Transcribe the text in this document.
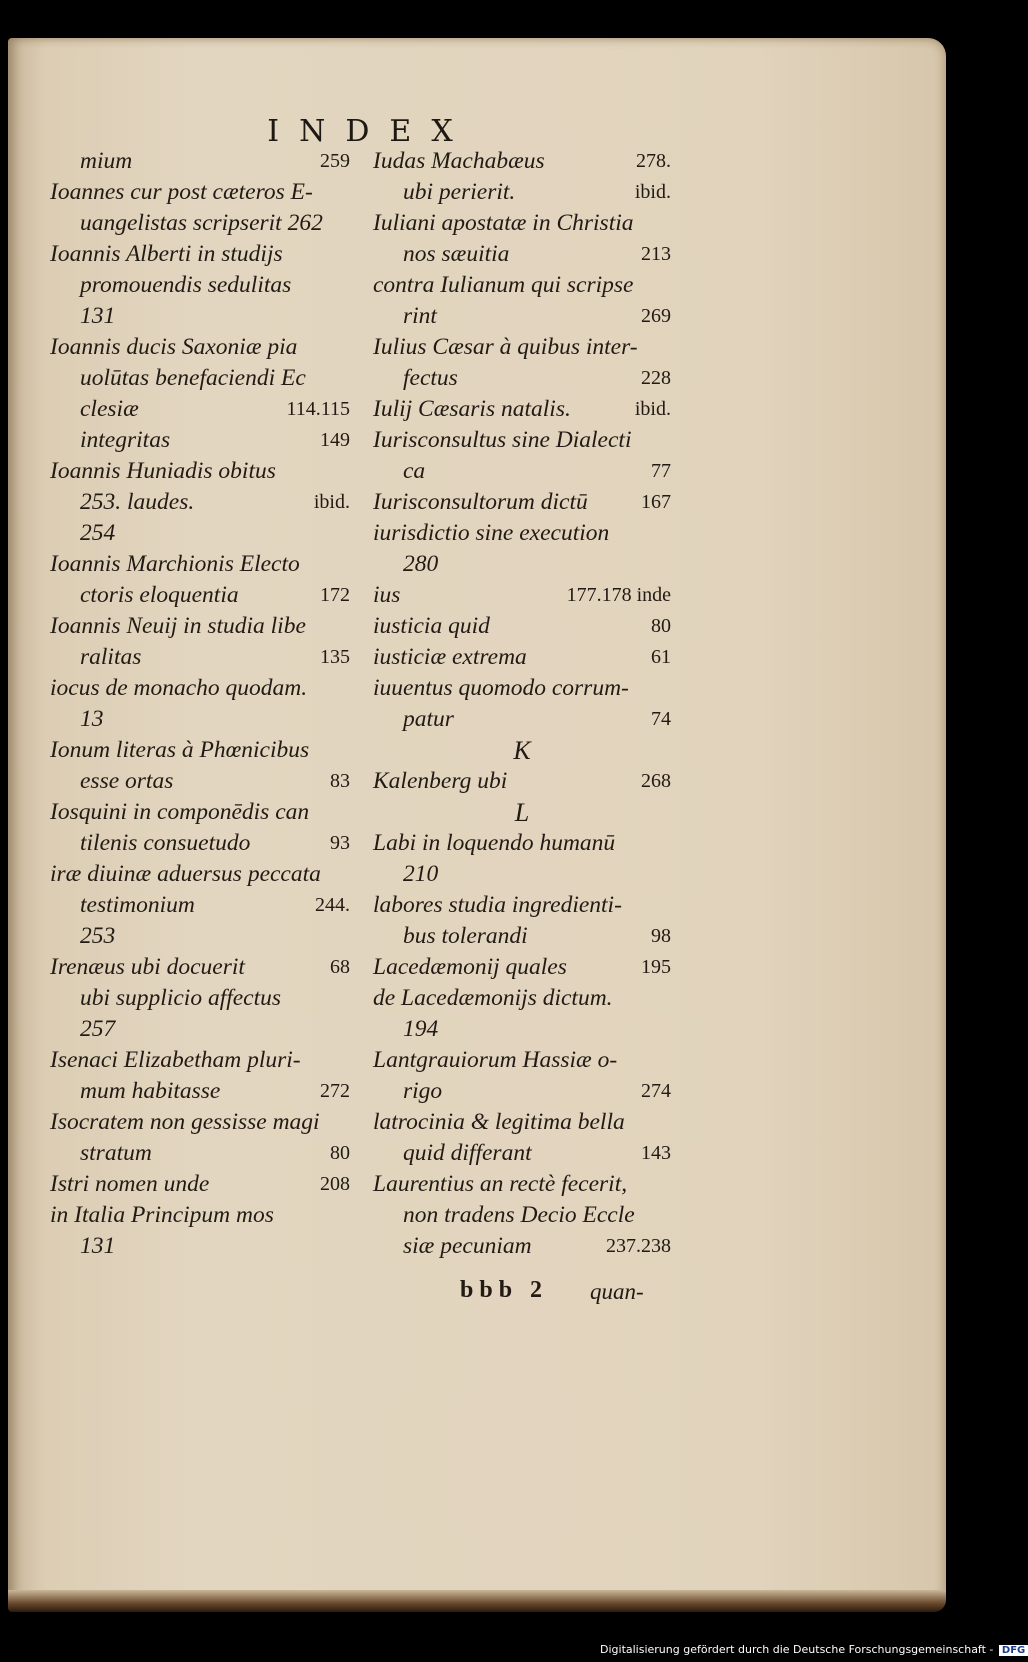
INDEX
mium	259
Ioannes cur post cæteros E-
uangelistas scripserit 262
Ioannis Alberti in studijs
promouendis sedulitas
131
Ioannis ducis Saxoniæ pia
uolūtas benefaciendi Ec
clesiæ	114.115
integritas	149
Ioannis Huniadis obitus
253. laudes.	ibid.
254
Ioannis Marchionis Electo
ctoris eloquentia	172
Ioannis Neuij in studia libe
ralitas	135
iocus de monacho quodam.
13
Ionum literas à Phœnicibus
esse ortas	83
Iosquini in componēdis can
tilenis consuetudo	93
iræ diuinæ aduersus peccata
testimonium	244.
253
Irenæus ubi docuerit	68
ubi supplicio affectus
257
Isenaci Elizabetham pluri-
mum habitasse	272
Isocratem non gessisse magi
stratum	80
Istri nomen unde	208
in Italia Principum mos
131
Iudas Machabæus	278.
ubi perierit.	ibid.
Iuliani apostatæ in Christia
nos sæuitia	213
contra Iulianum qui scripse
rint	269
Iulius Cæsar à quibus inter-
fectus	228
Iulij Cæsaris natalis.	ibid.
Iurisconsultus sine Dialecti
ca	77
Iurisconsultorum dictū	167
iurisdictio sine execution
280
ius	177.178 inde
iusticia quid	80
iusticiæ extrema	61
iuuentus quomodo corrum-
patur	74
K
Kalenberg ubi	268
L
Labi in loquendo humanū
210
labores studia ingredienti-
bus tolerandi	98
Lacedæmonij quales	195
de Lacedæmonijs dictum.
194
Lantgrauiorum Hassiæ o-
rigo	274
latrocinia & legitima bella
quid differant	143
Laurentius an rectè fecerit,
non tradens Decio Eccle
siæ pecuniam	237.238
bbb 2 quan-
Digitalisierung gefördert durch die Deutsche Forschungsgemeinschaft - DFG
